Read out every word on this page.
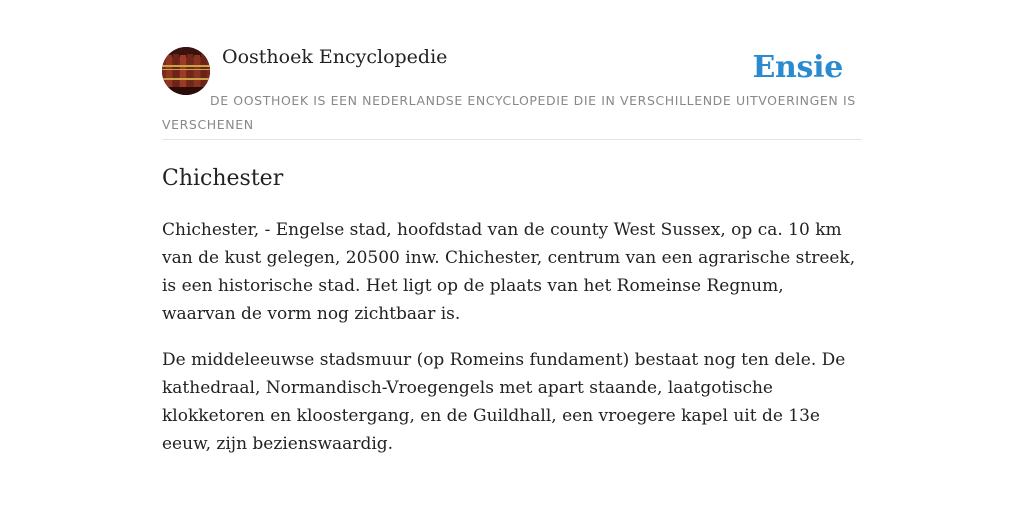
Oosthoek Encyclopedie	Ensie
DE OOSTHOEK IS EEN NEDERLANDSE ENCYCLOPEDIE DIE IN VERSCHILLENDE UITVOERINGEN IS VERSCHENEN
Chichester

Chichester, - Engelse stad, hoofdstad van de county West Sussex, op ca. 10 km van de kust gelegen, 20500 inw. Chichester, centrum van een agrarische streek, is een historische stad. Het ligt op de plaats van het Romeinse Regnum, waarvan de vorm nog zichtbaar is.

De middeleeuwse stadsmuur (op Romeins fundament) bestaat nog ten dele. De kathedraal, Normandisch-Vroegengels met apart staande, laatgotische klokketoren en kloostergang, en de Guildhall, een vroegere kapel uit de 13e eeuw, zijn bezienswaardig.
